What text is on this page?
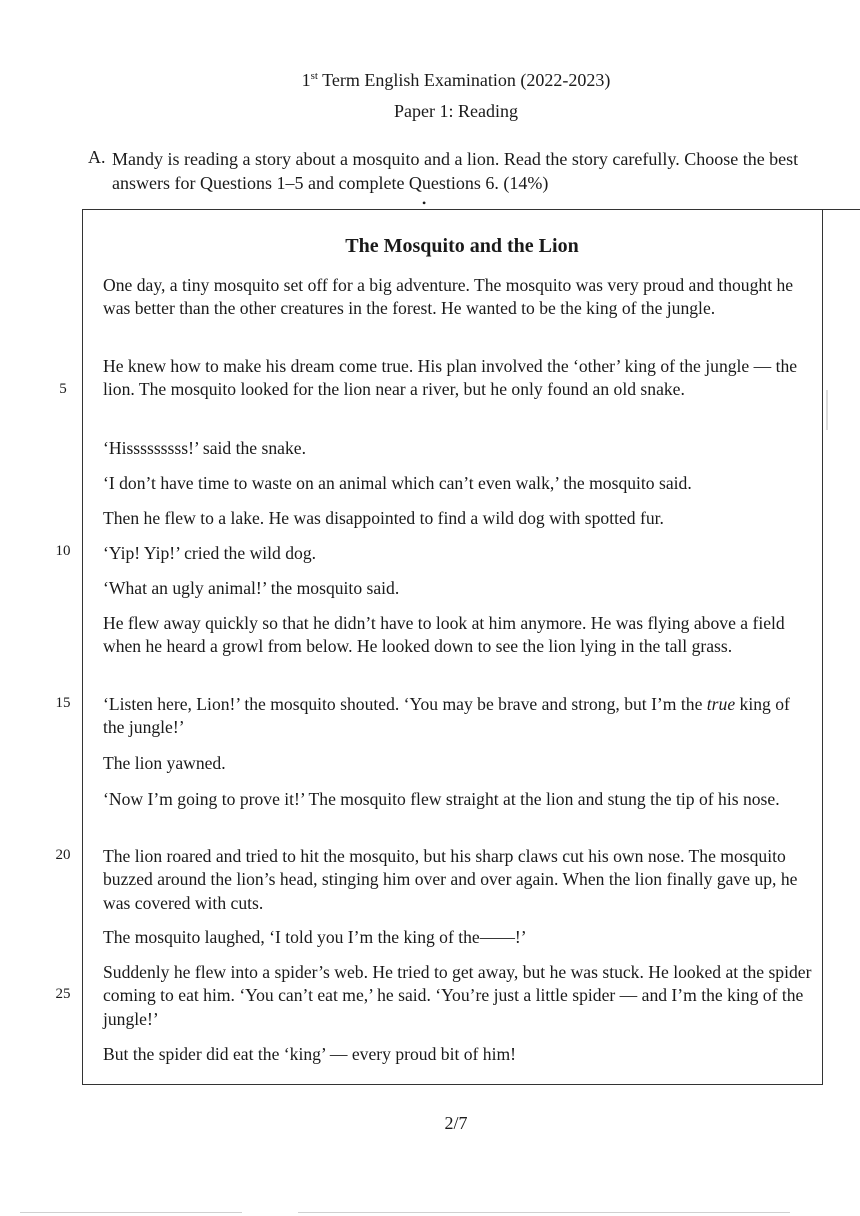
1st Term English Examination (2022-2023)
Paper 1: Reading
A. Mandy is reading a story about a mosquito and a lion. Read the story carefully. Choose the best answers for Questions 1–5 and complete Questions 6. (14%)
•
The Mosquito and the Lion
One day, a tiny mosquito set off for a big adventure. The mosquito was very proud and thought he was better than the other creatures in the forest. He wanted to be the king of the jungle.
He knew how to make his dream come true. His plan involved the ‘other’ king of the jungle — the lion. The mosquito looked for the lion near a river, but he only found an old snake.
‘Hisssssssss!’ said the snake.
‘I don’t have time to waste on an animal which can’t even walk,’ the mosquito said.
Then he flew to a lake. He was disappointed to find a wild dog with spotted fur.
‘Yip! Yip!’ cried the wild dog.
‘What an ugly animal!’ the mosquito said.
He flew away quickly so that he didn’t have to look at him anymore. He was flying above a field when he heard a growl from below. He looked down to see the lion lying in the tall grass.
‘Listen here, Lion!’ the mosquito shouted. ‘You may be brave and strong, but I’m the true king of the jungle!’
The lion yawned.
‘Now I’m going to prove it!’ The mosquito flew straight at the lion and stung the tip of his nose.
The lion roared and tried to hit the mosquito, but his sharp claws cut his own nose. The mosquito buzzed around the lion’s head, stinging him over and over again. When the lion finally gave up, he was covered with cuts.
The mosquito laughed, ‘I told you I’m the king of the——!’
Suddenly he flew into a spider’s web. He tried to get away, but he was stuck. He looked at the spider coming to eat him. ‘You can’t eat me,’ he said. ‘You’re just a little spider — and I’m the king of the jungle!’
But the spider did eat the ‘king’ — every proud bit of him!
5
10
15
20
25
2/7
